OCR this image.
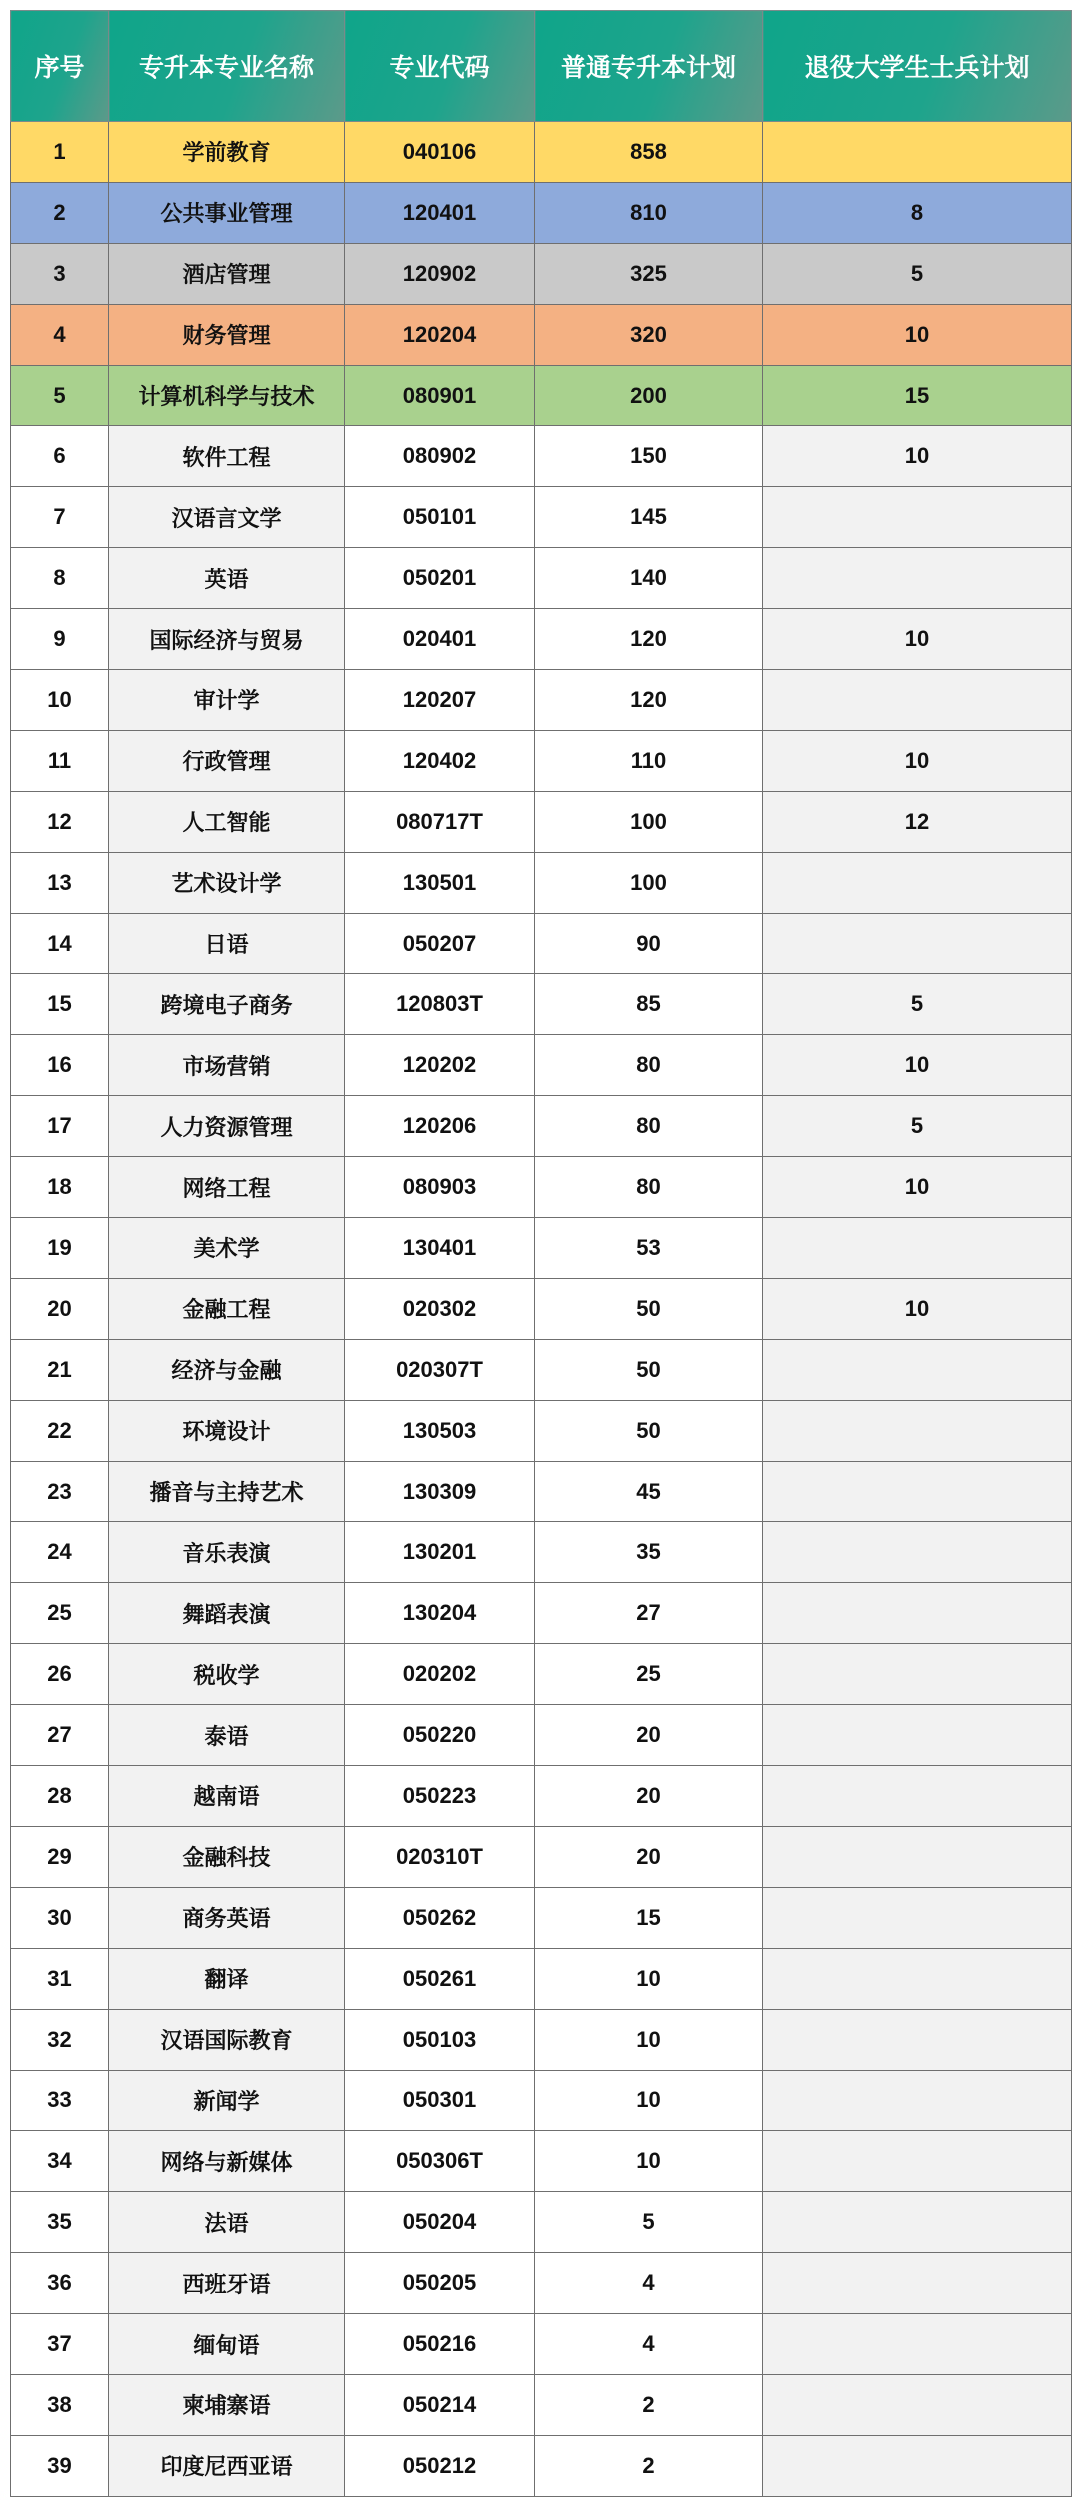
序号	专升本专业名称	专业代码	普通专升本计划	退役大学生士兵计划
1	学前教育	040106	858	
2	公共事业管理	120401	810	8
3	酒店管理	120902	325	5
4	财务管理	120204	320	10
5	计算机科学与技术	080901	200	15
6	软件工程	080902	150	10
7	汉语言文学	050101	145	
8	英语	050201	140	
9	国际经济与贸易	020401	120	10
10	审计学	120207	120	
11	行政管理	120402	110	10
12	人工智能	080717T	100	12
13	艺术设计学	130501	100	
14	日语	050207	90	
15	跨境电子商务	120803T	85	5
16	市场营销	120202	80	10
17	人力资源管理	120206	80	5
18	网络工程	080903	80	10
19	美术学	130401	53	
20	金融工程	020302	50	10
21	经济与金融	020307T	50	
22	环境设计	130503	50	
23	播音与主持艺术	130309	45	
24	音乐表演	130201	35	
25	舞蹈表演	130204	27	
26	税收学	020202	25	
27	泰语	050220	20	
28	越南语	050223	20	
29	金融科技	020310T	20	
30	商务英语	050262	15	
31	翻译	050261	10	
32	汉语国际教育	050103	10	
33	新闻学	050301	10	
34	网络与新媒体	050306T	10	
35	法语	050204	5	
36	西班牙语	050205	4	
37	缅甸语	050216	4	
38	柬埔寨语	050214	2	
39	印度尼西亚语	050212	2	
